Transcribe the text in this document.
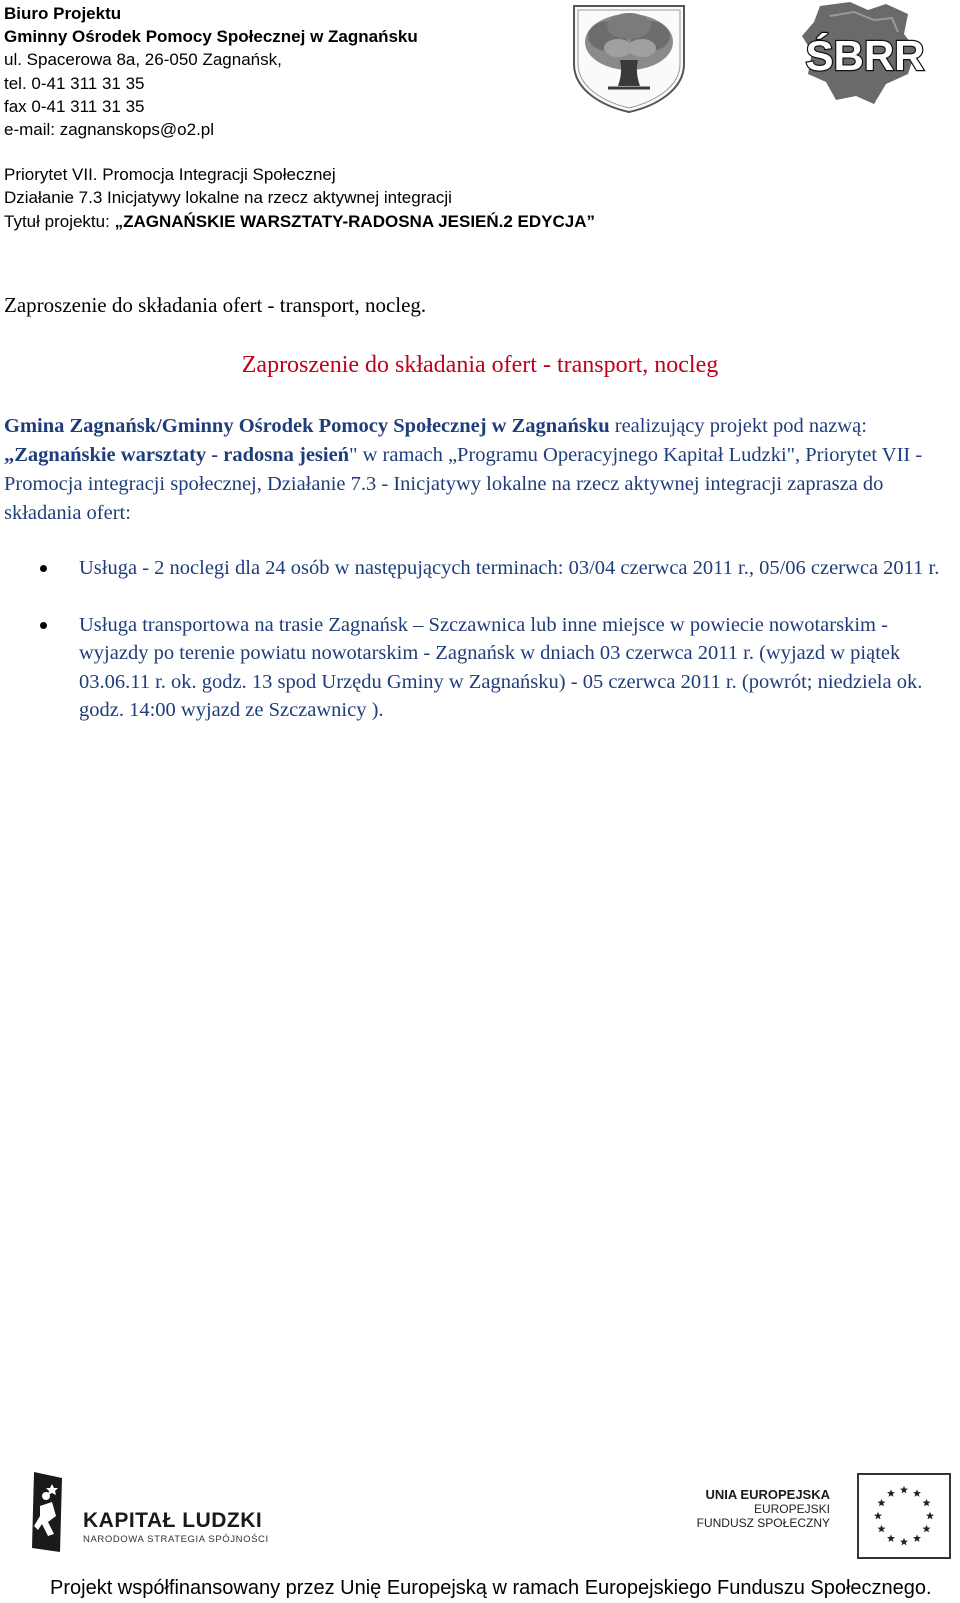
Biuro Projektu

Gminny Ośrodek Pomocy Społecznej w Zagnańsku

ul. Spacerowa 8a, 26-050 Zagnańsk,

tel. 0-41 311 31 35

fax 0-41 311 31 35

e-mail: zagnanskops@o2.pl

Priorytet VII. Promocja Integracji Społecznej

Działanie 7.3 Inicjatywy lokalne na rzecz aktywnej integracji

Tytuł projektu: „ZAGNAŃSKIE WARSZTATY-RADOSNA JESIEŃ.2 EDYCJA”

ŚBRR
Zaproszenie do składania ofert - transport, nocleg.
Zaproszenie do składania ofert - transport, nocleg
Gmina Zagnańsk/Gminny Ośrodek Pomocy Społecznej w Zagnańsku realizujący projekt pod nazwą: „Zagnańskie warsztaty - radosna jesień" w ramach „Programu Operacyjnego Kapitał Ludzki", Priorytet VII - Promocja integracji społecznej, Działanie 7.3 - Inicjatywy lokalne na rzecz aktywnej integracji zaprasza do składania ofert:
Usługa - 2 noclegi dla 24 osób w następujących terminach: 03/04 czerwca 2011 r., 05/06 czerwca 2011 r.
Usługa transportowa na trasie Zagnańsk – Szczawnica lub inne miejsce w powiecie nowotarskim - wyjazdy po terenie powiatu nowotarskim - Zagnańsk w dniach 03 czerwca 2011 r. (wyjazd w piątek 03.06.11 r. ok. godz. 13 spod Urzędu Gminy w Zagnańsku) - 05 czerwca 2011 r. (powrót; niedziela ok. godz. 14:00 wyjazd ze Szczawnicy ).
KAPITAŁ LUDZKI
NARODOWA STRATEGIA SPÓJNOŚCI
UNIA EUROPEJSKA
EUROPEJSKI
FUNDUSZ SPOŁECZNY
Projekt współfinansowany przez Unię Europejską w ramach Europejskiego Funduszu Społecznego.
